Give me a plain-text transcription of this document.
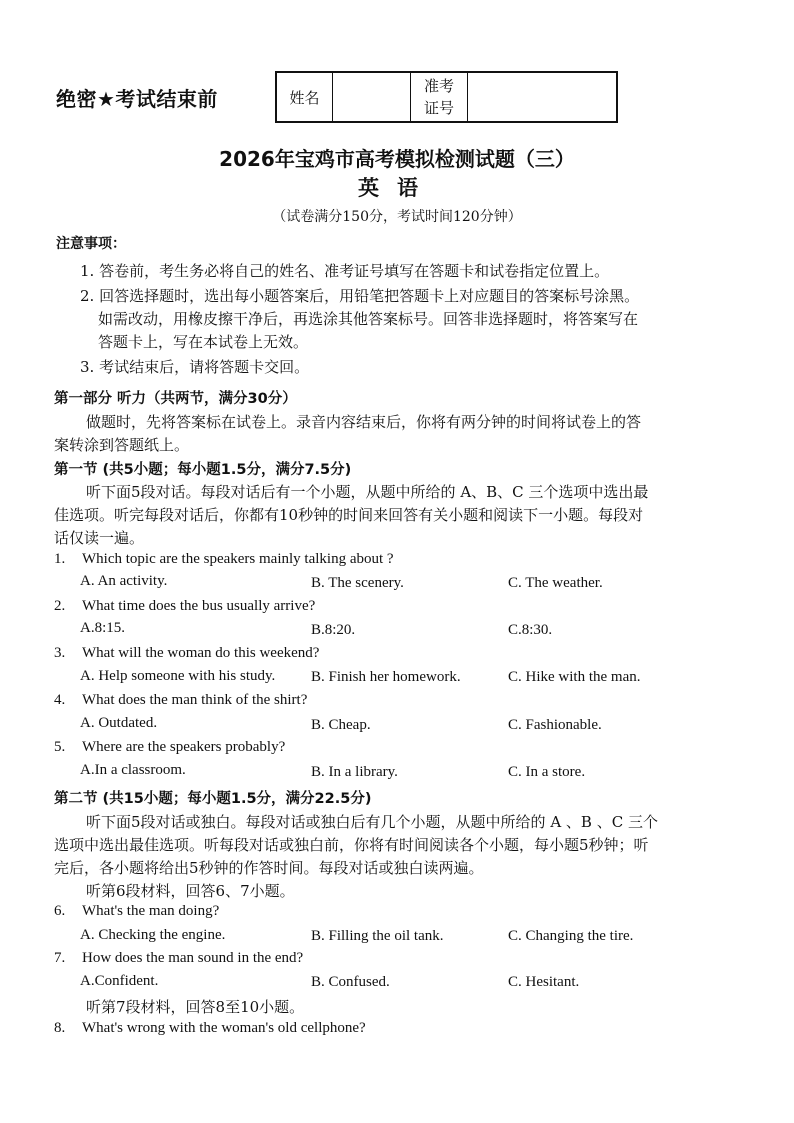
绝密★考试结束前	姓名
准考
证号
2026年宝鸡市高考模拟检测试题（三）
英语
（试卷满分150分，考试时间120分钟）
注意事项：
1. 答卷前，考生务必将自己的姓名、准考证号填写在答题卡和试卷指定位置上。
2. 回答选择题时，选出每小题答案后，用铅笔把答题卡上对应题目的答案标号涂黑。
如需改动，用橡皮擦干净后，再选涂其他答案标号。回答非选择题时，将答案写在
答题卡上，写在本试卷上无效。
3. 考试结束后，请将答题卡交回。
第一部分 听力（共两节，满分30分）
做题时，先将答案标在试卷上。录音内容结束后，你将有两分钟的时间将试卷上的答
案转涂到答题纸上。
第一节 (共5小题；每小题1.5分，满分7.5分)
听下面5段对话。每段对话后有一个小题，从题中所给的 A、B、C 三个选项中选出最
佳选项。听完每段对话后，你都有10秒钟的时间来回答有关小题和阅读下一小题。每段对
话仅读一遍。
1. Which topic are the speakers mainly talking about ?
A. An activity.	B. The scenery.	C. The weather.
2. What time does the bus usually arrive?
A.8:15.	B.8:20.	C.8:30.
3. What will the woman do this weekend?
A. Help someone with his study. B. Finish her homework.	C. Hike with the man.
4. What does the man think of the shirt?
A. Outdated.	B. Cheap.	C. Fashionable.
5. Where are the speakers probably?
A.In a classroom.	B. In a library.	C. In a store.
第二节 (共15小题；每小题1.5分，满分22.5分)
听下面5段对话或独白。每段对话或独白后有几个小题，从题中所给的 A 、B 、C 三个
选项中选出最佳选项。听每段对话或独白前，你将有时间阅读各个小题，每小题5秒钟；听
完后，各小题将给出5秒钟的作答时间。每段对话或独白读两遍。
听第6段材料，回答6、7小题。
6. What's the man doing?
A. Checking the engine.	B. Filling the oil tank.	C. Changing the tire.
7. How does the man sound in the end?
A.Confident.	B. Confused.	C. Hesitant.
听第7段材料，回答8至10小题。
8. What's wrong with the woman's old cellphone?
